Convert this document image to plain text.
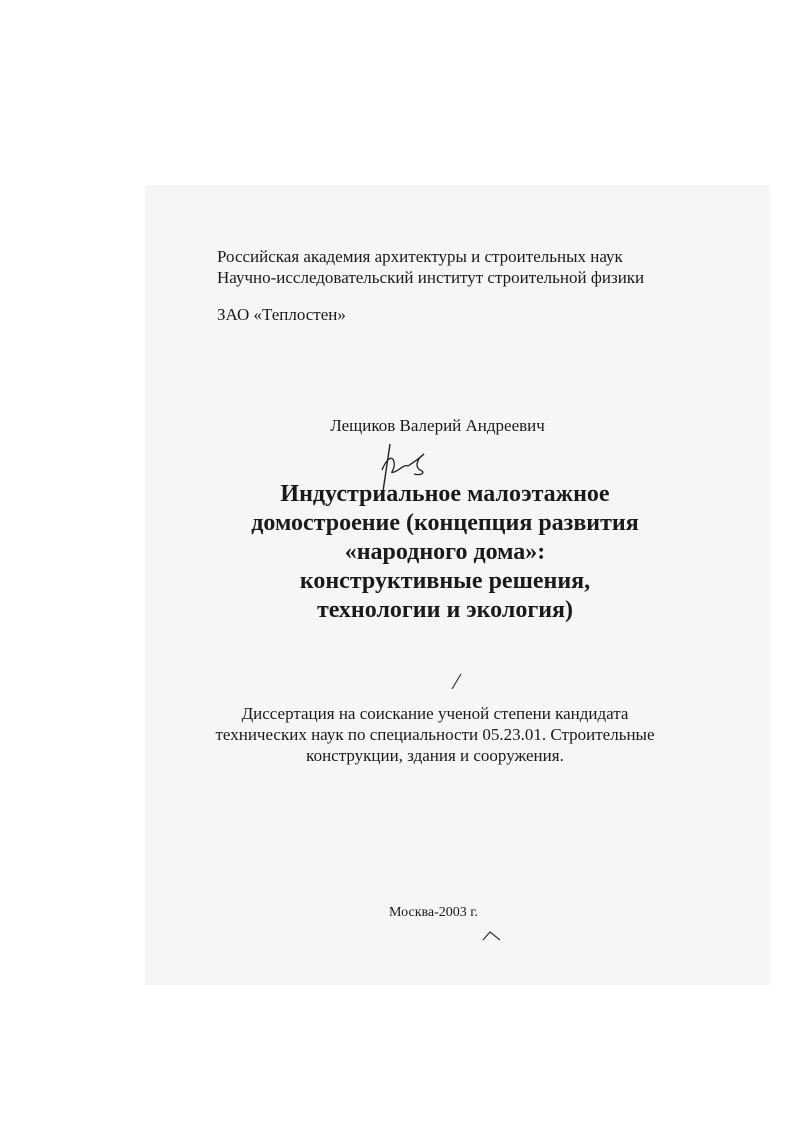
Российская академия архитектуры и строительных наук
Научно-исследовательский институт строительной физики
ЗАО «Теплостен»
Лещиков Валерий Андреевич
Индустриальное малоэтажное
домостроение (концепция развития
«народного дома»:
конструктивные решения,
технологии и экология)
Диссертация на соискание ученой степени кандидата
технических наук по специальности 05.23.01. Строительные
конструкции, здания и сооружения.
Москва-2003 г.
